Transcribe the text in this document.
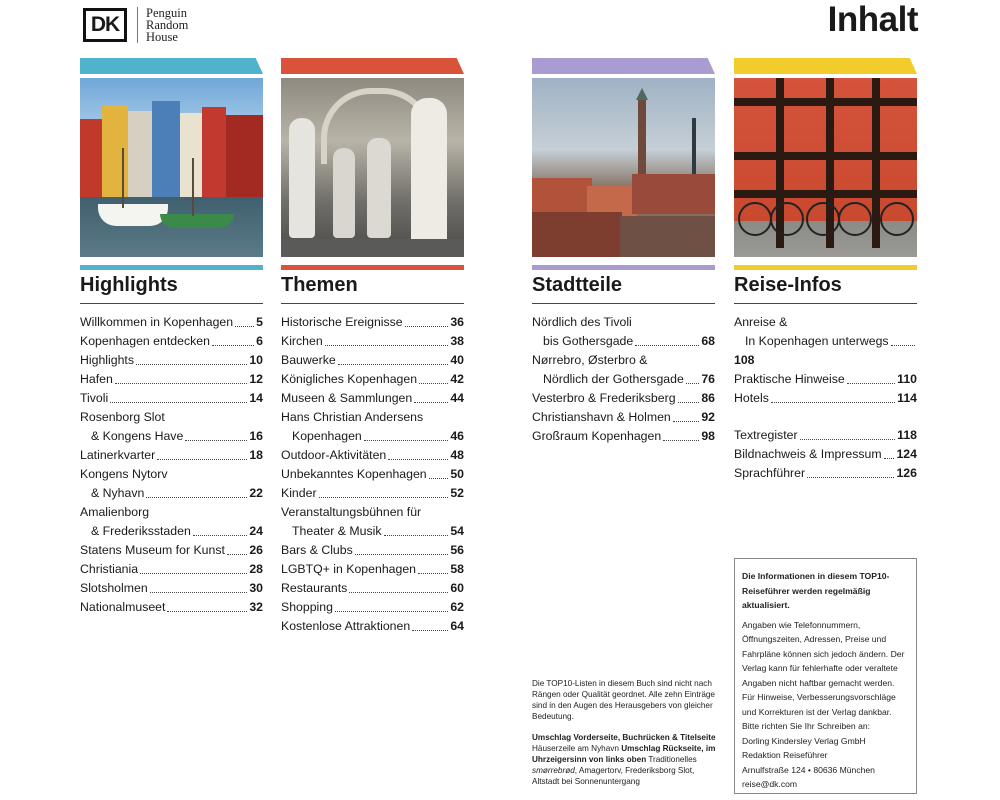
DK	Penguin
Random
House	Inhalt
Highlights
Willkommen in Kopenhagen 5
Kopenhagen entdecken	6
Highlights	10
Hafen	12
Tivoli	14
Rosenborg Slot
& Kongens Have	16
Latinerkvarter	18
Kongens Nytorv
& Nyhavn	22
Amalienborg
& Frederiksstaden	24
Statens Museum for Kunst 26
Christiania	28
Slotsholmen	30
Nationalmuseet	32
Themen
Historische Ereignisse	36
Kirchen	38
Bauwerke	40
Königliches Kopenhagen	42
Museen & Sammlungen	44
Hans Christian Andersens
Kopenhagen	46
Outdoor-Aktivitäten	48
Unbekanntes Kopenhagen 50
Kinder	52
Veranstaltungsbühnen für
Theater & Musik	54
Bars & Clubs	56
LGBTQ+ in Kopenhagen	58
Restaurants	60
Shopping	62
Kostenlose Attraktionen	64
Stadtteile
Nördlich des Tivoli
bis Gothersgade	68
Nørrebro, Østerbro &
Nördlich der Gothersgade 76
Vesterbro & Frederiksberg 86
Christianshavn & Holmen 92
Großraum Kopenhagen	98
Reise-Infos
Anreise &
In Kopenhagen unterwegs
108
Praktische Hinweise	110
Hotels	114
Textregister	118
Bildnachweis & Impressum 124
Sprachführer	126

Die TOP10-Listen in diesem Buch sind nicht nach Rängen oder Qualität geordnet. Alle zehn Einträge sind in den Augen des Herausgebers von gleicher Bedeutung.

Umschlag Vorderseite, Buchrücken & Titelseite Häuserzeile am Nyhavn Umschlag Rückseite, im Uhrzeigersinn von links oben Traditionelles smørrebrød, Amagertorv, Frederiksborg Slot, Altstadt bei Sonnenuntergang
Die Informationen in diesem TOP10-Reiseführer werden regelmäßig aktualisiert.
Angaben wie Telefonnummern, Öffnungszeiten, Adressen, Preise und Fahrpläne können sich jedoch ändern. Der Verlag kann für fehlerhafte oder veraltete Angaben nicht haftbar gemacht werden. Für Hinweise, Verbesserungsvorschläge und Korrekturen ist der Verlag dankbar. Bitte richten Sie Ihr Schreiben an:
Dorling Kindersley Verlag GmbH
Redaktion Reiseführer
Arnulfstraße 124 • 80636 München
reise@dk.com
